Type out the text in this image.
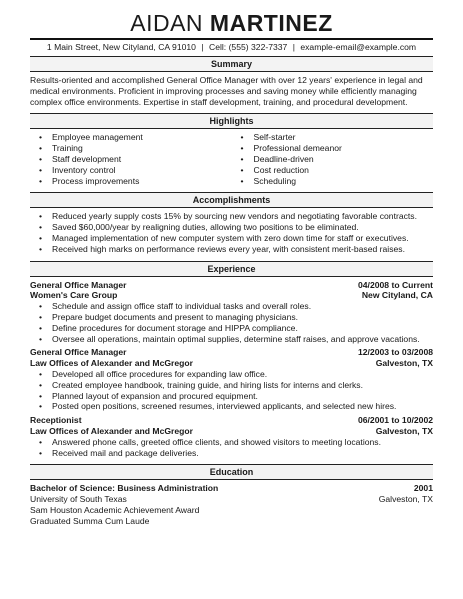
AIDAN MARTINEZ
1 Main Street, New Cityland, CA 91010 | Cell: (555) 322-7337 | example-email@example.com
Summary
Results-oriented and accomplished General Office Manager with over 12 years' experience in legal and medical environments. Proficient in improving processes and saving money while efficiently managing complex office environments. Expertise in staff development, training, and procedural development.
Highlights
• Employee management
• Training
• Staff development
• Inventory control
• Process improvements
• Self-starter
• Professional demeanor
• Deadline-driven
• Cost reduction
• Scheduling
Accomplishments
• Reduced yearly supply costs 15% by sourcing new vendors and negotiating favorable contracts.
• Saved $60,000/year by realigning duties, allowing two positions to be eliminated.
• Managed implementation of new computer system with zero down time for staff or executives.
• Received high marks on performance reviews every year, with consistent merit-based raises.
Experience
General Office Manager	04/2008 to Current
Women's Care Group	New Cityland, CA
• Schedule and assign office staff to individual tasks and overall roles.
• Prepare budget documents and present to managing physicians.
• Define procedures for document storage and HIPPA compliance.
• Oversee all operations, maintain optimal supplies, determine staff raises, and approve vacations.
General Office Manager	12/2003 to 03/2008
Law Offices of Alexander and McGregor	Galveston, TX
• Developed all office procedures for expanding law office.
• Created employee handbook, training guide, and hiring lists for interns and clerks.
• Planned layout of expansion and procured equipment.
• Posted open positions, screened resumes, interviewed applicants, and selected new hires.
Receptionist	06/2001 to 10/2002
Law Offices of Alexander and McGregor	Galveston, TX
• Answered phone calls, greeted office clients, and showed visitors to meeting locations.
• Received mail and package deliveries.
Education
Bachelor of Science: Business Administration	2001
University of South Texas	Galveston, TX
Sam Houston Academic Achievement Award
Graduated Summa Cum Laude
